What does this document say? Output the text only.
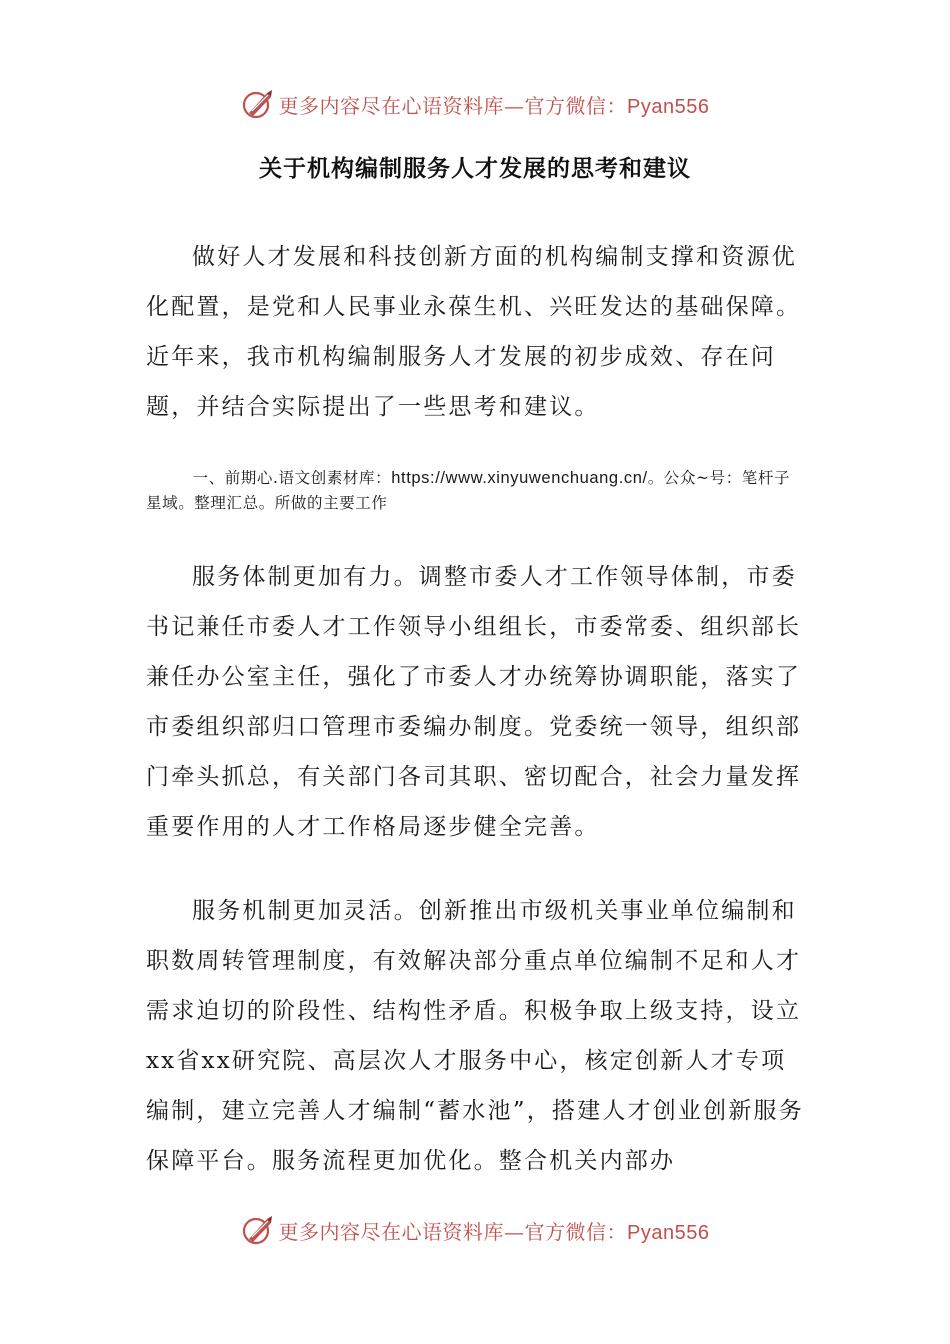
更多内容尽在心语资料库—官方微信：Pyan556
关于机构编制服务人才发展的思考和建议

做好人才发展和科技创新方面的机构编制支撑和资源优化配置，是党和人民事业永葆生机、兴旺发达的基础保障。近年来，我市机构编制服务人才发展的初步成效、存在问题，并结合实际提出了一些思考和建议。

一、前期心.语文创素材库：https://www.xinyuwenchuang.cn/。公众~号：笔杆子星域。整理汇总。所做的主要工作

服务体制更加有力。调整市委人才工作领导体制，市委书记兼任市委人才工作领导小组组长，市委常委、组织部长兼任办公室主任，强化了市委人才办统筹协调职能，落实了市委组织部归口管理市委编办制度。党委统一领导，组织部门牵头抓总，有关部门各司其职、密切配合，社会力量发挥重要作用的人才工作格局逐步健全完善。

服务机制更加灵活。创新推出市级机关事业单位编制和职数周转管理制度，有效解决部分重点单位编制不足和人才需求迫切的阶段性、结构性矛盾。积极争取上级支持，设立xx省xx研究院、高层次人才服务中心，核定创新人才专项编制，建立完善人才编制“蓄水池”，搭建人才创业创新服务保障平台。服务流程更加优化。整合机关内部办

更多内容尽在心语资料库—官方微信：Pyan556
